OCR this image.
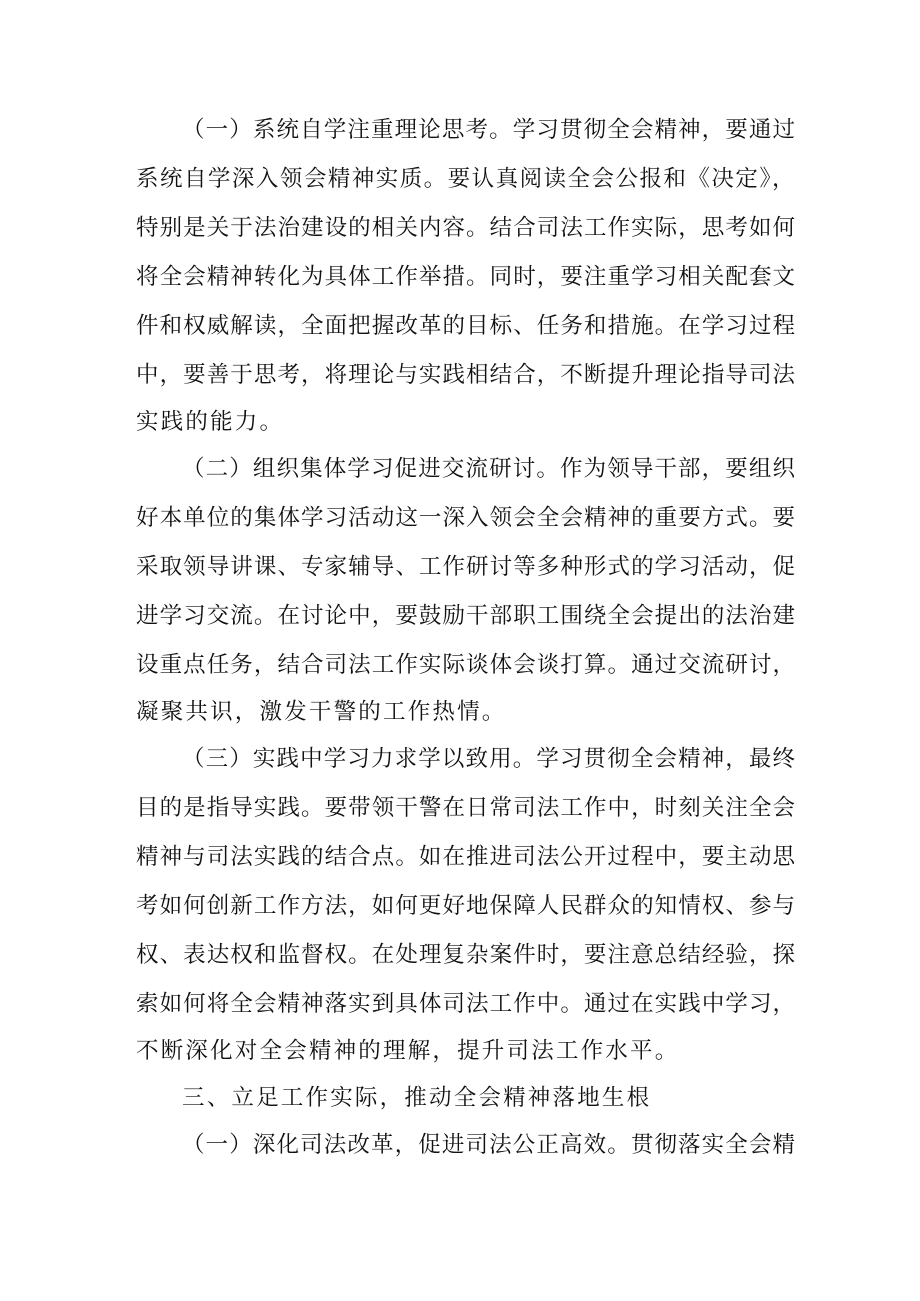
（一）系统自学注重理论思考。学习贯彻全会精神，要通过
系统自学深入领会精神实质。要认真阅读全会公报和《决定》，
特别是关于法治建设的相关内容。结合司法工作实际，思考如何
将全会精神转化为具体工作举措。同时，要注重学习相关配套文
件和权威解读，全面把握改革的目标、任务和措施。在学习过程
中，要善于思考，将理论与实践相结合，不断提升理论指导司法
实践的能力。
（二）组织集体学习促进交流研讨。作为领导干部，要组织
好本单位的集体学习活动这一深入领会全会精神的重要方式。要
采取领导讲课、专家辅导、工作研讨等多种形式的学习活动，促
进学习交流。在讨论中，要鼓励干部职工围绕全会提出的法治建
设重点任务，结合司法工作实际谈体会谈打算。通过交流研讨，
凝聚共识，激发干警的工作热情。
（三）实践中学习力求学以致用。学习贯彻全会精神，最终
目的是指导实践。要带领干警在日常司法工作中，时刻关注全会
精神与司法实践的结合点。如在推进司法公开过程中，要主动思
考如何创新工作方法，如何更好地保障人民群众的知情权、参与
权、表达权和监督权。在处理复杂案件时，要注意总结经验，探
索如何将全会精神落实到具体司法工作中。通过在实践中学习，
不断深化对全会精神的理解，提升司法工作水平。
三、立足工作实际，推动全会精神落地生根
（一）深化司法改革，促进司法公正高效。贯彻落实全会精
